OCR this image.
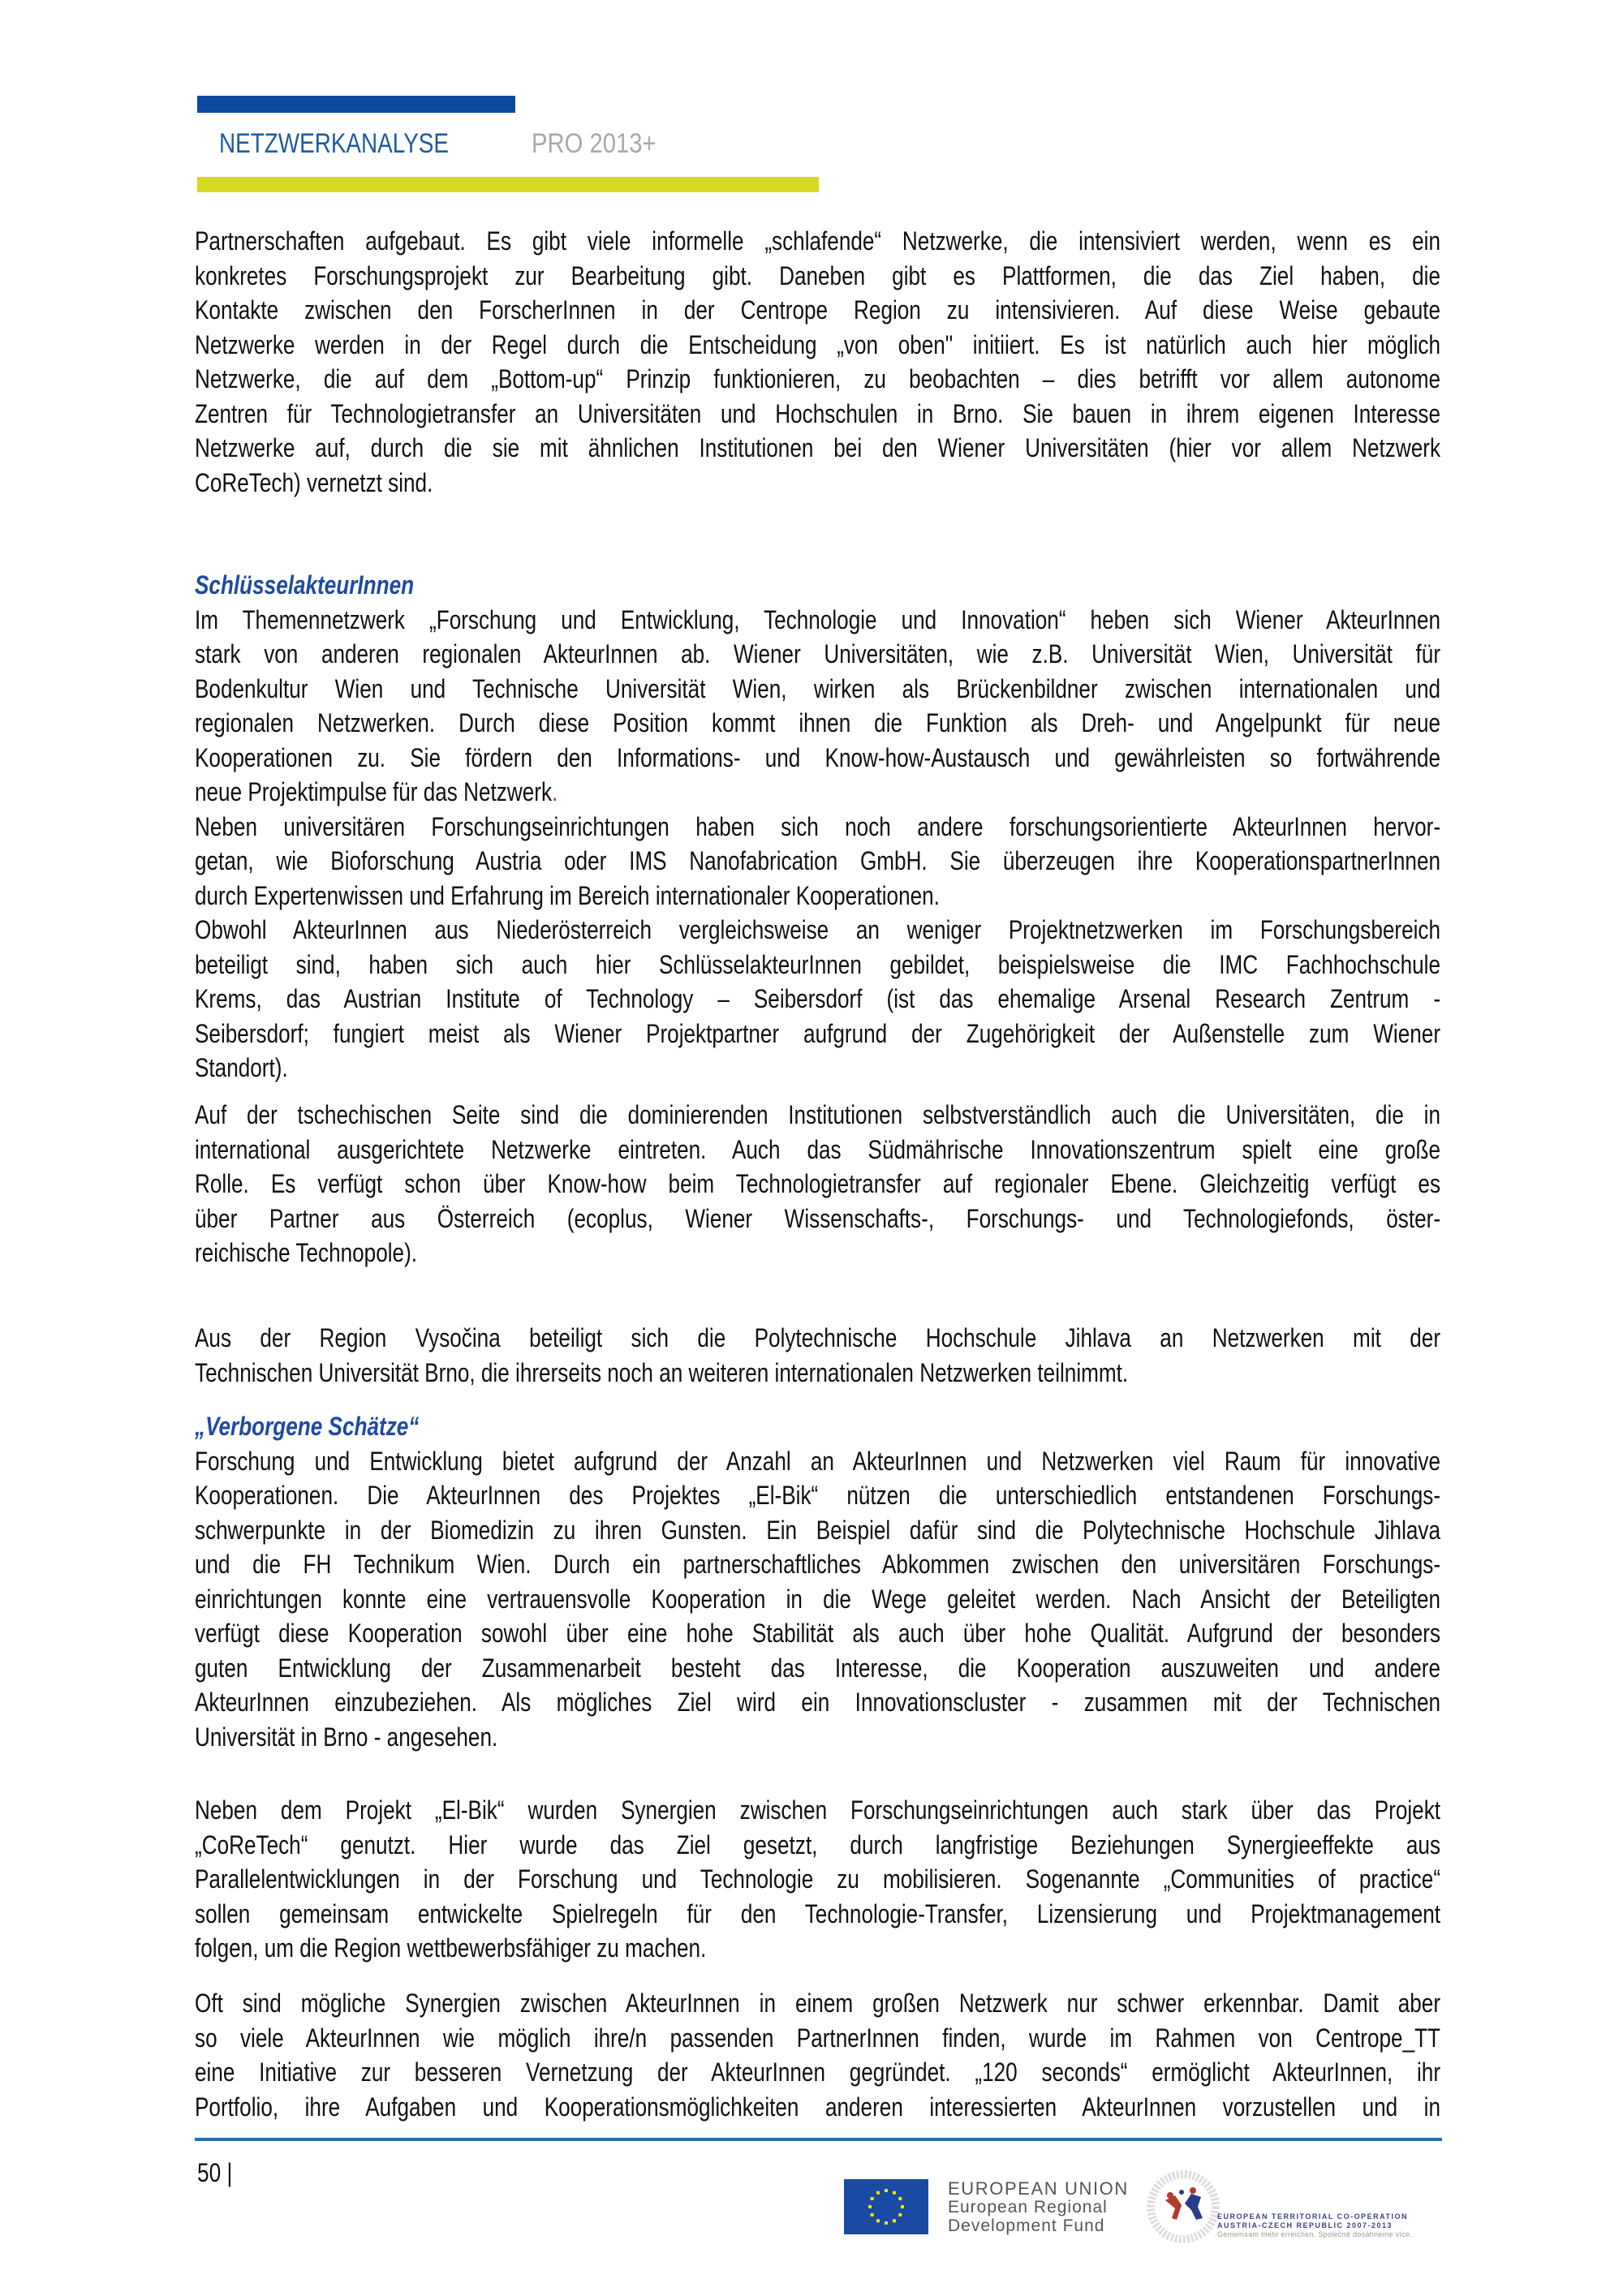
NETZWERKANALYSE	PRO 2013+
Partnerschaften aufgebaut. Es gibt viele informelle „schlafende“ Netzwerke, die intensiviert werden, wenn es ein
konkretes Forschungsprojekt zur Bearbeitung gibt. Daneben gibt es Plattformen, die das Ziel haben, die
Kontakte zwischen den ForscherInnen in der Centrope Region zu intensivieren. Auf diese Weise gebaute
Netzwerke werden in der Regel durch die Entscheidung „von oben" initiiert. Es ist natürlich auch hier möglich
Netzwerke, die auf dem „Bottom-up“ Prinzip funktionieren, zu beobachten – dies betrifft vor allem autonome
Zentren für Technologietransfer an Universitäten und Hochschulen in Brno. Sie bauen in ihrem eigenen Interesse
Netzwerke auf, durch die sie mit ähnlichen Institutionen bei den Wiener Universitäten (hier vor allem Netzwerk
CoReTech) vernetzt sind.
SchlüsselakteurInnen
Im Themennetzwerk „Forschung und Entwicklung, Technologie und Innovation“ heben sich Wiener AkteurInnen
stark von anderen regionalen AkteurInnen ab. Wiener Universitäten, wie z.B. Universität Wien, Universität für
Bodenkultur Wien und Technische Universität Wien, wirken als Brückenbildner zwischen internationalen und
regionalen Netzwerken. Durch diese Position kommt ihnen die Funktion als Dreh- und Angelpunkt für neue
Kooperationen zu. Sie fördern den Informations- und Know-how-Austausch und gewährleisten so fortwährende
neue Projektimpulse für das Netzwerk.
Neben universitären Forschungseinrichtungen haben sich noch andere forschungsorientierte AkteurInnen hervor-
getan, wie Bioforschung Austria oder IMS Nanofabrication GmbH. Sie überzeugen ihre KooperationspartnerInnen
durch Expertenwissen und Erfahrung im Bereich internationaler Kooperationen.
Obwohl AkteurInnen aus Niederösterreich vergleichsweise an weniger Projektnetzwerken im Forschungsbereich
beteiligt sind, haben sich auch hier SchlüsselakteurInnen gebildet, beispielsweise die IMC Fachhochschule
Krems, das Austrian Institute of Technology – Seibersdorf (ist das ehemalige Arsenal Research Zentrum -
Seibersdorf; fungiert meist als Wiener Projektpartner aufgrund der Zugehörigkeit der Außenstelle zum Wiener
Standort).
Auf der tschechischen Seite sind die dominierenden Institutionen selbstverständlich auch die Universitäten, die in
international ausgerichtete Netzwerke eintreten. Auch das Südmährische Innovationszentrum spielt eine große
Rolle. Es verfügt schon über Know-how beim Technologietransfer auf regionaler Ebene. Gleichzeitig verfügt es
über Partner aus Österreich (ecoplus, Wiener Wissenschafts-, Forschungs- und Technologiefonds, öster-
reichische Technopole).
Aus der Region Vysočina beteiligt sich die Polytechnische Hochschule Jihlava an Netzwerken mit der
Technischen Universität Brno, die ihrerseits noch an weiteren internationalen Netzwerken teilnimmt.
„Verborgene Schätze“
Forschung und Entwicklung bietet aufgrund der Anzahl an AkteurInnen und Netzwerken viel Raum für innovative
Kooperationen. Die AkteurInnen des Projektes „El-Bik“ nützen die unterschiedlich entstandenen Forschungs-
schwerpunkte in der Biomedizin zu ihren Gunsten. Ein Beispiel dafür sind die Polytechnische Hochschule Jihlava
und die FH Technikum Wien. Durch ein partnerschaftliches Abkommen zwischen den universitären Forschungs-
einrichtungen konnte eine vertrauensvolle Kooperation in die Wege geleitet werden. Nach Ansicht der Beteiligten
verfügt diese Kooperation sowohl über eine hohe Stabilität als auch über hohe Qualität. Aufgrund der besonders
guten Entwicklung der Zusammenarbeit besteht das Interesse, die Kooperation auszuweiten und andere
AkteurInnen einzubeziehen. Als mögliches Ziel wird ein Innovationscluster - zusammen mit der Technischen
Universität in Brno - angesehen.
Neben dem Projekt „El-Bik“ wurden Synergien zwischen Forschungseinrichtungen auch stark über das Projekt
„CoReTech“ genutzt. Hier wurde das Ziel gesetzt, durch langfristige Beziehungen Synergieeffekte aus
Parallelentwicklungen in der Forschung und Technologie zu mobilisieren. Sogenannte „Communities of practice“
sollen gemeinsam entwickelte Spielregeln für den Technologie-Transfer, Lizensierung und Projektmanagement
folgen, um die Region wettbewerbsfähiger zu machen.
Oft sind mögliche Synergien zwischen AkteurInnen in einem großen Netzwerk nur schwer erkennbar. Damit aber
so viele AkteurInnen wie möglich ihre/n passenden PartnerInnen finden, wurde im Rahmen von Centrope_TT
eine Initiative zur besseren Vernetzung der AkteurInnen gegründet. „120 seconds“ ermöglicht AkteurInnen, ihr
Portfolio, ihre Aufgaben und Kooperationsmöglichkeiten anderen interessierten AkteurInnen vorzustellen und in
50 |
EUROPEAN UNION
European Regional
Development Fund	EUROPEAN TERRITORIAL CO-OPERATION
AUSTRIA-CZECH REPUBLIC 2007-2013
Gemeinsam mehr erreichen. Společně dosáhneme více.
